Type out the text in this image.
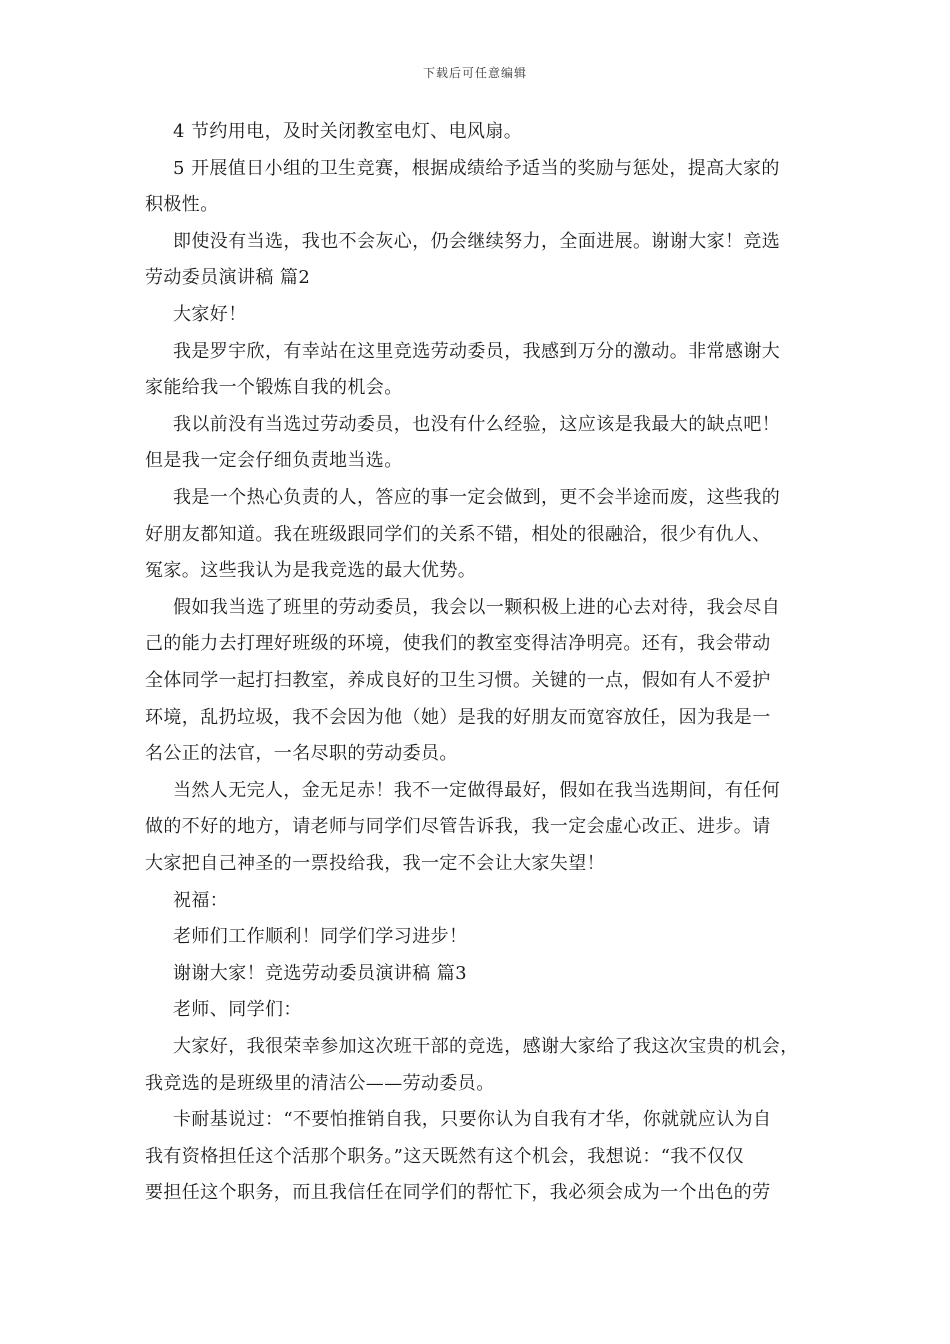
下载后可任意编辑
4 节约用电，及时关闭教室电灯、电风扇。
5 开展值日小组的卫生竞赛，根据成绩给予适当的奖励与惩处，提高大家的
积极性。
即使没有当选，我也不会灰心，仍会继续努力，全面进展。谢谢大家！竞选
劳动委员演讲稿 篇2
大家好！
我是罗宇欣，有幸站在这里竞选劳动委员，我感到万分的激动。非常感谢大
家能给我一个锻炼自我的机会。
我以前没有当选过劳动委员，也没有什么经验，这应该是我最大的缺点吧！
但是我一定会仔细负责地当选。
我是一个热心负责的人，答应的事一定会做到，更不会半途而废，这些我的
好朋友都知道。我在班级跟同学们的关系不错，相处的很融洽，很少有仇人、
冤家。这些我认为是我竞选的最大优势。
假如我当选了班里的劳动委员，我会以一颗积极上进的心去对待，我会尽自
己的能力去打理好班级的环境，使我们的教室变得洁净明亮。还有，我会带动
全体同学一起打扫教室，养成良好的卫生习惯。关键的一点，假如有人不爱护
环境，乱扔垃圾，我不会因为他（她）是我的好朋友而宽容放任，因为我是一
名公正的法官，一名尽职的劳动委员。
当然人无完人，金无足赤！我不一定做得最好，假如在我当选期间，有任何
做的不好的地方，请老师与同学们尽管告诉我，我一定会虚心改正、进步。请
大家把自己神圣的一票投给我，我一定不会让大家失望！
祝福：
老师们工作顺利！同学们学习进步！
谢谢大家！竞选劳动委员演讲稿 篇3
老师、同学们：
大家好，我很荣幸参加这次班干部的竞选，感谢大家给了我这次宝贵的机会，
我竞选的是班级里的清洁公——劳动委员。
卡耐基说过：“不要怕推销自我，只要你认为自我有才华，你就就应认为自
我有资格担任这个活那个职务。”这天既然有这个机会，我想说：“我不仅仅
要担任这个职务，而且我信任在同学们的帮忙下，我必须会成为一个出色的劳
